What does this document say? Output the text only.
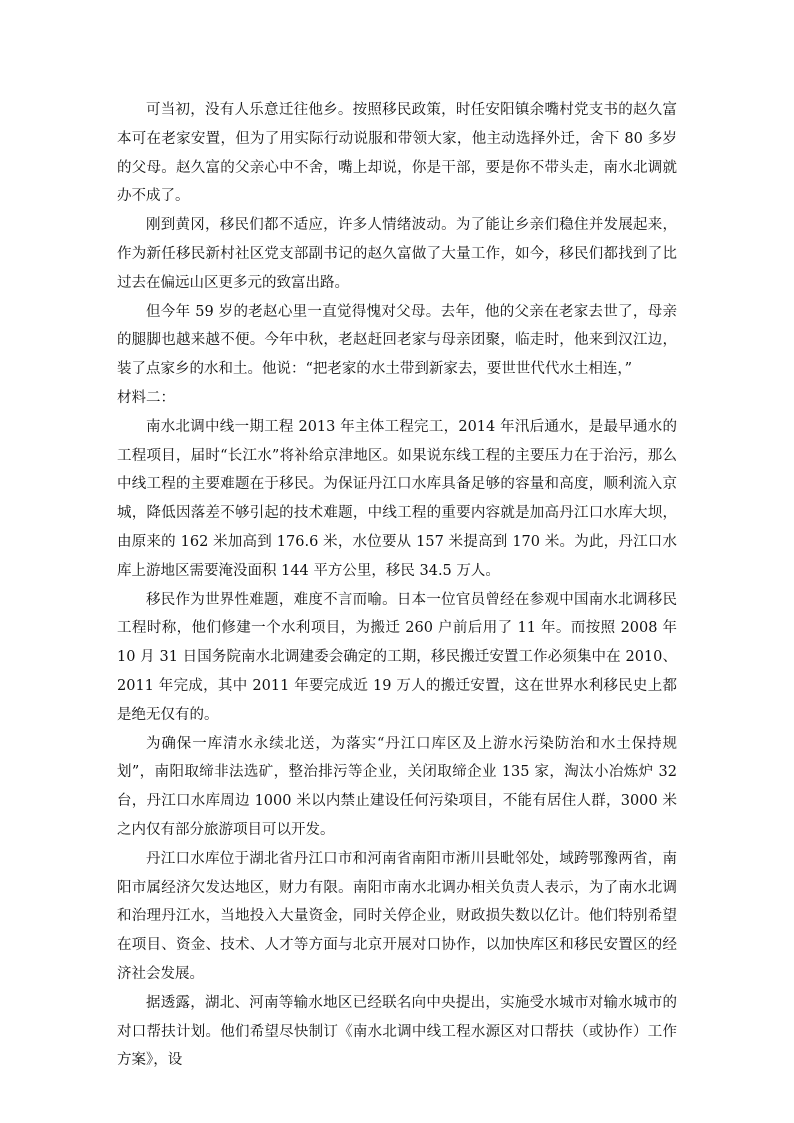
可当初，没有人乐意迁往他乡。按照移民政策，时任安阳镇余嘴村党支书的赵久富本可在老家安置，但为了用实际行动说服和带领大家，他主动选择外迁，舍下 80 多岁的父母。赵久富的父亲心中不舍，嘴上却说，你是干部，要是你不带头走，南水北调就办不成了。

刚到黄冈，移民们都不适应，许多人情绪波动。为了能让乡亲们稳住并发展起来，作为新任移民新村社区党支部副书记的赵久富做了大量工作，如今，移民们都找到了比过去在偏远山区更多元的致富出路。

但今年 59 岁的老赵心里一直觉得愧对父母。去年，他的父亲在老家去世了，母亲的腿脚也越来越不便。今年中秋，老赵赶回老家与母亲团聚，临走时，他来到汉江边，装了点家乡的水和土。他说：“把老家的水土带到新家去，要世世代代水土相连，”

材料二：

南水北调中线一期工程 2013 年主体工程完工，2014 年汛后通水，是最早通水的工程项目，届时“长江水”将补给京津地区。如果说东线工程的主要压力在于治污，那么中线工程的主要难题在于移民。为保证丹江口水库具备足够的容量和高度，顺利流入京城，降低因落差不够引起的技术难题，中线工程的重要内容就是加高丹江口水库大坝，由原来的 162 米加高到 176.6 米，水位要从 157 米提高到 170 米。为此，丹江口水库上游地区需要淹没面积 144 平方公里，移民 34.5 万人。

移民作为世界性难题，难度不言而喻。日本一位官员曾经在参观中国南水北调移民工程时称，他们修建一个水利项目，为搬迁 260 户前后用了 11 年。而按照 2008 年 10 月 31 日国务院南水北调建委会确定的工期，移民搬迁安置工作必须集中在 2010、2011 年完成，其中 2011 年要完成近 19 万人的搬迁安置，这在世界水利移民史上都是绝无仅有的。

为确保一库清水永续北送，为落实“丹江口库区及上游水污染防治和水土保持规划”，南阳取缔非法选矿，整治排污等企业，关闭取缔企业 135 家，淘汰小冶炼炉 32 台，丹江口水库周边 1000 米以内禁止建设任何污染项目，不能有居住人群，3000 米之内仅有部分旅游项目可以开发。

丹江口水库位于湖北省丹江口市和河南省南阳市淅川县毗邻处，域跨鄂豫两省，南阳市属经济欠发达地区，财力有限。南阳市南水北调办相关负责人表示，为了南水北调和治理丹江水，当地投入大量资金，同时关停企业，财政损失数以亿计。他们特别希望在项目、资金、技术、人才等方面与北京开展对口协作，以加快库区和移民安置区的经济社会发展。

据透露，湖北、河南等输水地区已经联名向中央提出，实施受水城市对输水城市的对口帮扶计划。他们希望尽快制订《南水北调中线工程水源区对口帮扶（或协作）工作方案》，设
